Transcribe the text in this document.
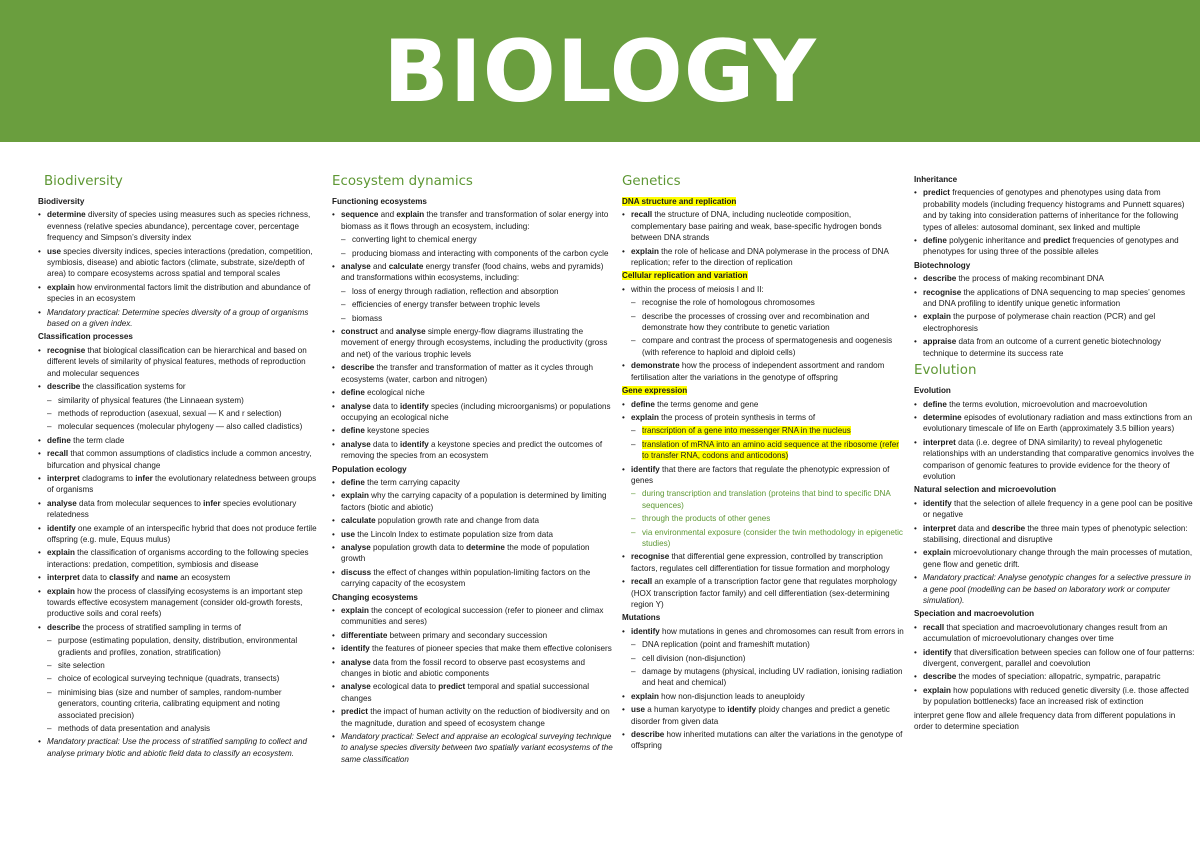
BIOLOGY
Biodiversity
Biodiversity
• determine diversity of species using measures such as species richness, evenness (relative species abundance), percentage cover, percentage frequency and Simpson’s diversity index
• use species diversity indices, species interactions (predation, competition, symbiosis, disease) and abiotic factors (climate, substrate, size/depth of area) to compare ecosystems across spatial and temporal scales
• explain how environmental factors limit the distribution and abundance of species in an ecosystem
• Mandatory practical: Determine species diversity of a group of organisms based on a given index.
Classification processes
• recognise that biological classification can be hierarchical and based on different levels of similarity of physical features, methods of reproduction and molecular sequences
• describe the classification systems for
– similarity of physical features (the Linnaean system)
– methods of reproduction (asexual, sexual — K and r selection)
– molecular sequences (molecular phylogeny — also called cladistics)
• define the term clade
• recall that common assumptions of cladistics include a common ancestry, bifurcation and physical change
• interpret cladograms to infer the evolutionary relatedness between groups of organisms
• analyse data from molecular sequences to infer species evolutionary relatedness
• identify one example of an interspecific hybrid that does not produce fertile offspring (e.g. mule, Equus mulus)
• explain the classification of organisms according to the following species interactions: predation, competition, symbiosis and disease
• interpret data to classify and name an ecosystem
• explain how the process of classifying ecosystems is an important step towards effective ecosystem management (consider old-growth forests, productive soils and coral reefs)
• describe the process of stratified sampling in terms of
– purpose (estimating population, density, distribution, environmental gradients and profiles, zonation, stratification)
– site selection
– choice of ecological surveying technique (quadrats, transects)
– minimising bias (size and number of samples, random-number generators, counting criteria, calibrating equipment and noting associated precision)
– methods of data presentation and analysis
• Mandatory practical: Use the process of stratified sampling to collect and analyse primary biotic and abiotic field data to classify an ecosystem.
Ecosystem dynamics
Functioning ecosystems
• sequence and explain the transfer and transformation of solar energy into biomass as it flows through an ecosystem, including:
– converting light to chemical energy
– producing biomass and interacting with components of the carbon cycle
• analyse and calculate energy transfer (food chains, webs and pyramids) and transformations within ecosystems, including:
– loss of energy through radiation, reflection and absorption
– efficiencies of energy transfer between trophic levels
– biomass
• construct and analyse simple energy-flow diagrams illustrating the movement of energy through ecosystems, including the productivity (gross and net) of the various trophic levels
• describe the transfer and transformation of matter as it cycles through ecosystems (water, carbon and nitrogen)
• define ecological niche
• analyse data to identify species (including microorganisms) or populations occupying an ecological niche
• define keystone species
• analyse data to identify a keystone species and predict the outcomes of removing the species from an ecosystem
Population ecology
• define the term carrying capacity
• explain why the carrying capacity of a population is determined by limiting factors (biotic and abiotic)
• calculate population growth rate and change from data
• use the Lincoln Index to estimate population size from data
• analyse population growth data to determine the mode of population growth
• discuss the effect of changes within population-limiting factors on the carrying capacity of the ecosystem
Changing ecosystems
• explain the concept of ecological succession (refer to pioneer and climax communities and seres)
• differentiate between primary and secondary succession
• identify the features of pioneer species that make them effective colonisers
• analyse data from the fossil record to observe past ecosystems and changes in biotic and abiotic components
• analyse ecological data to predict temporal and spatial successional changes
• predict the impact of human activity on the reduction of biodiversity and on the magnitude, duration and speed of ecosystem change
• Mandatory practical: Select and appraise an ecological surveying technique to analyse species diversity between two spatially variant ecosystems of the same classification
Genetics
DNA structure and replication
• recall the structure of DNA, including nucleotide composition, complementary base pairing and weak, base-specific hydrogen bonds between DNA strands
• explain the role of helicase and DNA polymerase in the process of DNA replication; refer to the direction of replication
Cellular replication and variation
• within the process of meiosis I and II:
– recognise the role of homologous chromosomes
– describe the processes of crossing over and recombination and demonstrate how they contribute to genetic variation
– compare and contrast the process of spermatogenesis and oogenesis (with reference to haploid and diploid cells)
• demonstrate how the process of independent assortment and random fertilisation alter the variations in the genotype of offspring
Gene expression
• define the terms genome and gene
• explain the process of protein synthesis in terms of
– transcription of a gene into messenger RNA in the nucleus
– translation of mRNA into an amino acid sequence at the ribosome (refer to transfer RNA, codons and anticodons)
• identify that there are factors that regulate the phenotypic expression of genes
– during transcription and translation (proteins that bind to specific DNA sequences)
– through the products of other genes
– via environmental exposure (consider the twin methodology in epigenetic studies)
• recognise that differential gene expression, controlled by transcription factors, regulates cell differentiation for tissue formation and morphology
• recall an example of a transcription factor gene that regulates morphology (HOX transcription factor family) and cell differentiation (sex-determining region Y)
Mutations
• identify how mutations in genes and chromosomes can result from errors in
– DNA replication (point and frameshift mutation)
– cell division (non-disjunction)
– damage by mutagens (physical, including UV radiation, ionising radiation and heat and chemical)
• explain how non-disjunction leads to aneuploidy
• use a human karyotype to identify ploidy changes and predict a genetic disorder from given data
• describe how inherited mutations can alter the variations in the genotype of offspring
Inheritance
• predict frequencies of genotypes and phenotypes using data from probability models (including frequency histograms and Punnett squares) and by taking into consideration patterns of inheritance for the following types of alleles: autosomal dominant, sex linked and multiple
• define polygenic inheritance and predict frequencies of genotypes and phenotypes for using three of the possible alleles
Biotechnology
• describe the process of making recombinant DNA
• recognise the applications of DNA sequencing to map species’ genomes and DNA profiling to identify unique genetic information
• explain the purpose of polymerase chain reaction (PCR) and gel electrophoresis
• appraise data from an outcome of a current genetic biotechnology technique to determine its success rate
Evolution
Evolution
• define the terms evolution, microevolution and macroevolution
• determine episodes of evolutionary radiation and mass extinctions from an evolutionary timescale of life on Earth (approximately 3.5 billion years)
• interpret data (i.e. degree of DNA similarity) to reveal phylogenetic relationships with an understanding that comparative genomics involves the comparison of genomic features to provide evidence for the theory of evolution
Natural selection and microevolution
• identify that the selection of allele frequency in a gene pool can be positive or negative
• interpret data and describe the three main types of phenotypic selection: stabilising, directional and disruptive
• explain microevolutionary change through the main processes of mutation, gene flow and genetic drift.
• Mandatory practical: Analyse genotypic changes for a selective pressure in a gene pool (modelling can be based on laboratory work or computer simulation).
Speciation and macroevolution
• recall that speciation and macroevolutionary changes result from an accumulation of microevolutionary changes over time
• identify that diversification between species can follow one of four patterns: divergent, convergent, parallel and coevolution
• describe the modes of speciation: allopatric, sympatric, parapatric
• explain how populations with reduced genetic diversity (i.e. those affected by population bottlenecks) face an increased risk of extinction
interpret gene flow and allele frequency data from different populations in order to determine speciation
